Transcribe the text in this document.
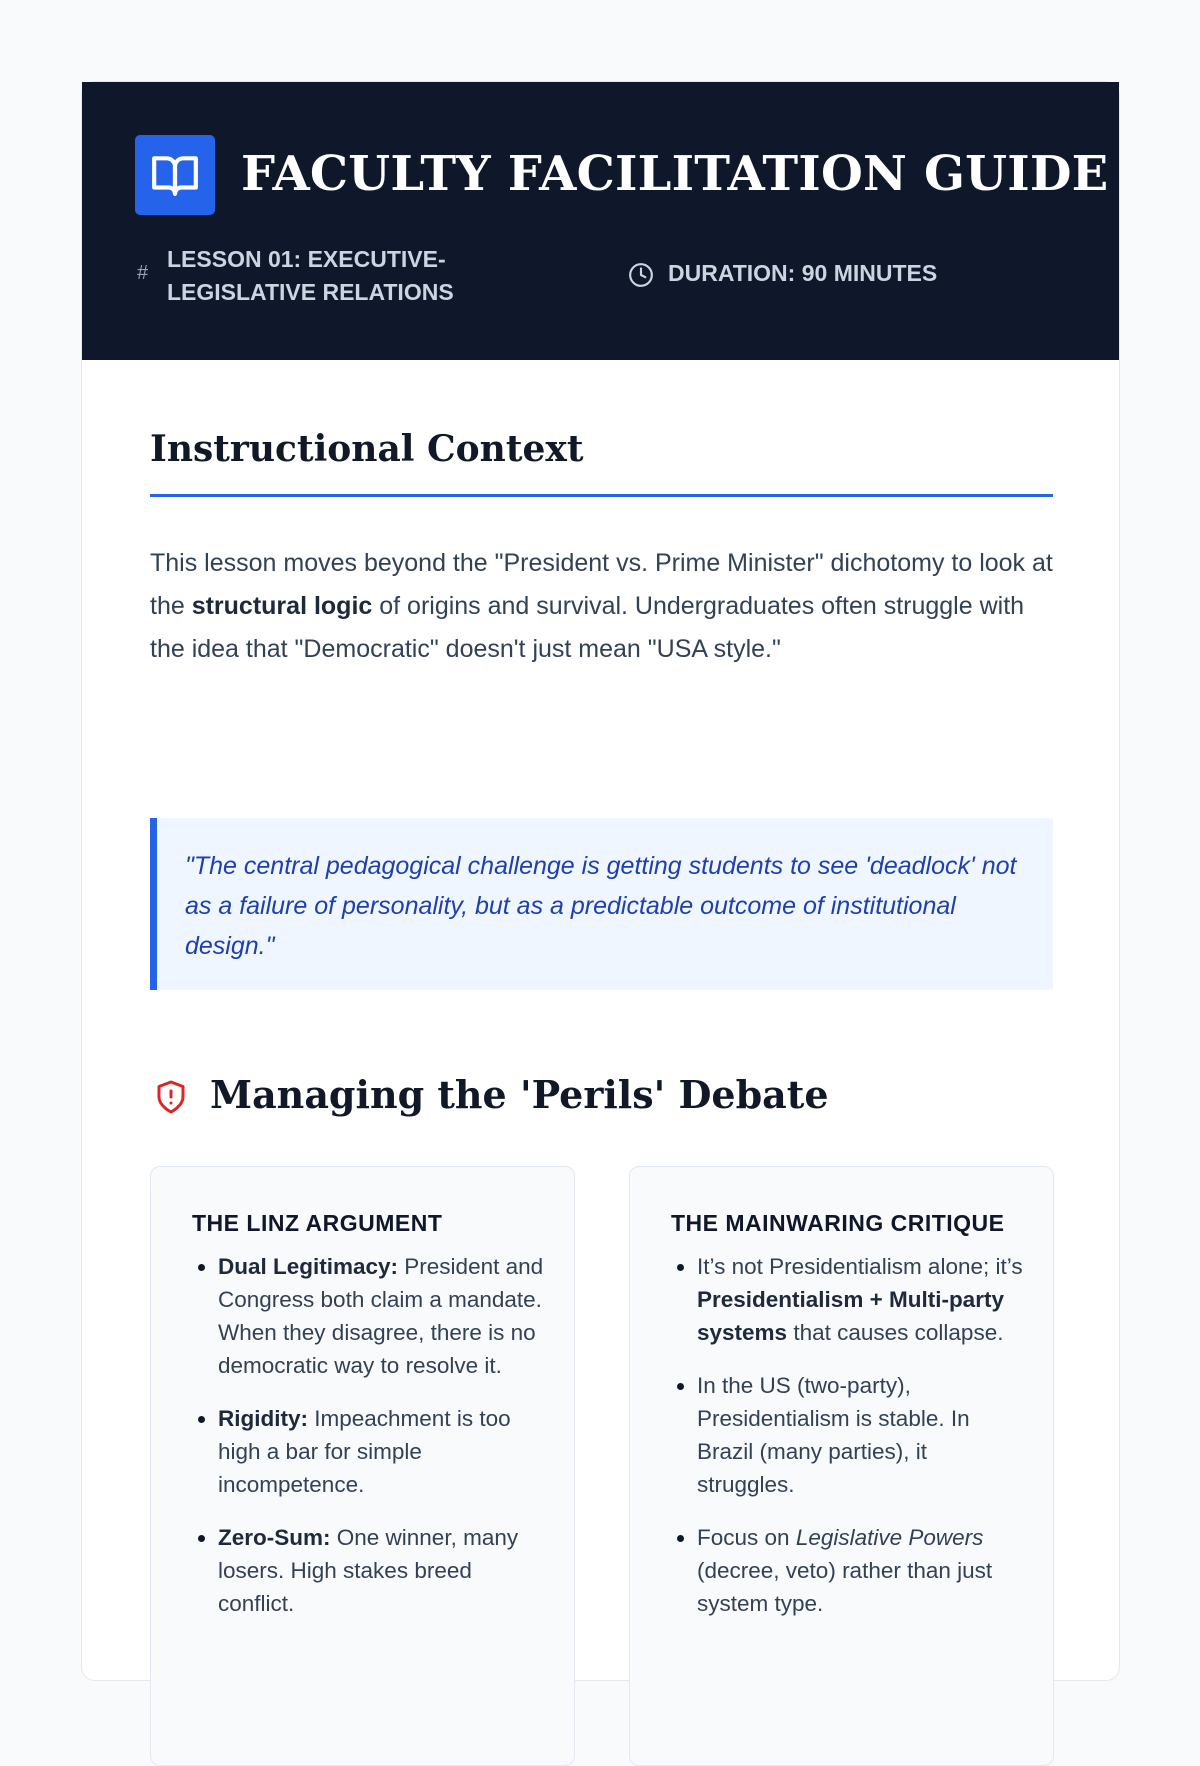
FACULTY FACILITATION GUIDE
#
LESSON 01: EXECUTIVE-LEGISLATIVE RELATIONS
DURATION: 90 MINUTES
Instructional Context

This lesson moves beyond the "President vs. Prime Minister" dichotomy to look at the structural logic of origins and survival. Undergraduates often struggle with the idea that "Democratic" doesn't just mean "USA style."

"The central pedagogical challenge is getting students to see 'deadlock' not as a failure of personality, but as a predictable outcome of institutional design."

Managing the 'Perils' Debate
THE LINZ ARGUMENT
• Dual Legitimacy: President and Congress both claim a mandate. When they disagree, there is no democratic way to resolve it.
• Rigidity: Impeachment is too high a bar for simple incompetence.
• Zero-Sum: One winner, many losers. High stakes breed conflict.
THE MAINWARING CRITIQUE
• It’s not Presidentialism alone; it’s Presidentialism + Multi-party systems that causes collapse.
• In the US (two-party), Presidentialism is stable. In Brazil (many parties), it struggles.
• Focus on Legislative Powers (decree, veto) rather than just system type.
